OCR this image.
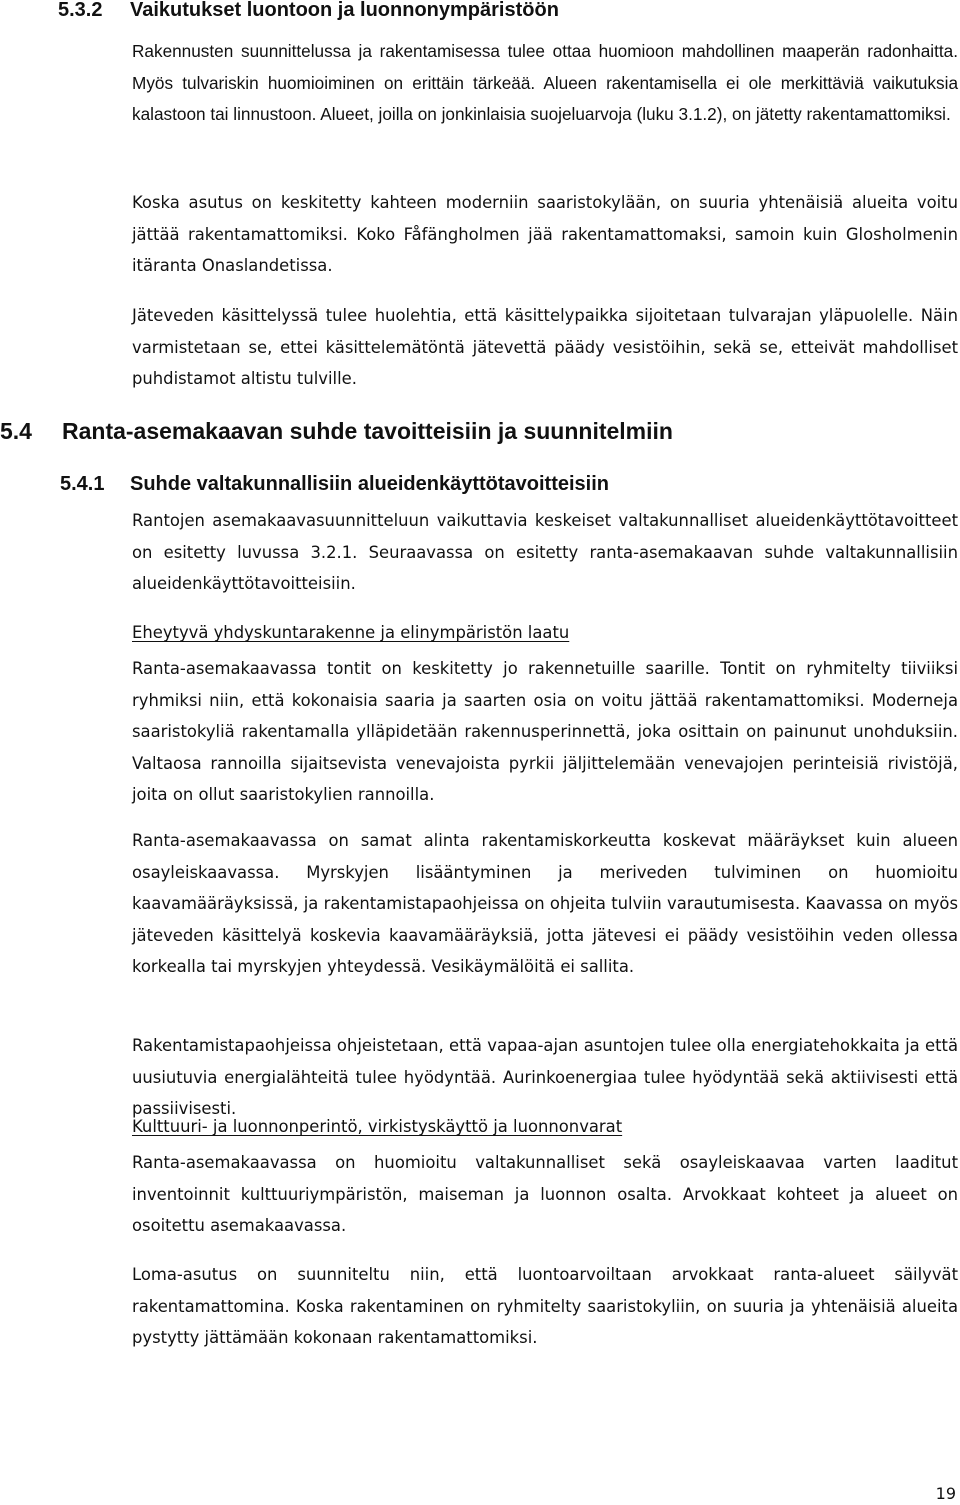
5.3.2 Vaikutukset luontoon ja luonnonympäristöön

Rakennusten suunnittelussa ja rakentamisessa tulee ottaa huomioon mahdollinen maaperän radonhaitta. Myös tulvariskin huomioiminen on erittäin tärkeää. Alueen rakentamisella ei ole merkittäviä vaikutuksia kalastoon tai linnustoon. Alueet, joilla on jonkinlaisia suojeluarvoja (luku 3.1.2), on jätetty rakentamattomiksi.

Koska asutus on keskitetty kahteen moderniin saaristokylään, on suuria yhtenäisiä alueita voitu jättää rakentamattomiksi. Koko Fåfängholmen jää rakentamattomaksi, samoin kuin Glosholmenin itäranta Onaslandetissa.

Jäteveden käsittelyssä tulee huolehtia, että käsittelypaikka sijoitetaan tulvarajan yläpuolelle. Näin varmistetaan se, ettei käsittelemätöntä jätevettä päädy vesistöihin, sekä se, etteivät mahdolliset puhdistamot altistu tulville.

5.4 Ranta-asemakaavan suhde tavoitteisiin ja suunnitelmiin
5.4.1 Suhde valtakunnallisiin alueidenkäyttötavoitteisiin

Rantojen asemakaavasuunnitteluun vaikuttavia keskeiset valtakunnalliset alueidenkäyttötavoitteet on esitetty luvussa 3.2.1. Seuraavassa on esitetty ranta-asemakaavan suhde valtakunnallisiin alueidenkäyttötavoitteisiin.

Eheytyvä yhdyskuntarakenne ja elinympäristön laatu

Ranta-asemakaavassa tontit on keskitetty jo rakennetuille saarille. Tontit on ryhmitelty tiiviiksi ryhmiksi niin, että kokonaisia saaria ja saarten osia on voitu jättää rakentamattomiksi. Moderneja saaristokyliä rakentamalla ylläpidetään rakennusperinnettä, joka osittain on painunut unohduksiin. Valtaosa rannoilla sijaitsevista venevajoista pyrkii jäljittelemään venevajojen perinteisiä rivistöjä, joita on ollut saaristokylien rannoilla.

Ranta-asemakaavassa on samat alinta rakentamiskorkeutta koskevat määräykset kuin alueen osayleiskaavassa. Myrskyjen lisääntyminen ja meriveden tulviminen on huomioitu kaavamääräyksissä, ja rakentamistapaohjeissa on ohjeita tulviin varautumisesta. Kaavassa on myös jäteveden käsittelyä koskevia kaavamääräyksiä, jotta jätevesi ei päädy vesistöihin veden ollessa korkealla tai myrskyjen yhteydessä. Vesikäymälöitä ei sallita.

Rakentamistapaohjeissa ohjeistetaan, että vapaa-ajan asuntojen tulee olla energiatehokkaita ja että uusiutuvia energialähteitä tulee hyödyntää. Aurinkoenergiaa tulee hyödyntää sekä aktiivisesti että passiivisesti.

Kulttuuri- ja luonnonperintö, virkistyskäyttö ja luonnonvarat

Ranta-asemakaavassa on huomioitu valtakunnalliset sekä osayleiskaavaa varten laaditut inventoinnit kulttuuriympäristön, maiseman ja luonnon osalta. Arvokkaat kohteet ja alueet on osoitettu asemakaavassa.

Loma-asutus on suunniteltu niin, että luontoarvoiltaan arvokkaat ranta-alueet säilyvät rakentamattomina. Koska rakentaminen on ryhmitelty saaristokyliin, on suuria ja yhtenäisiä alueita pystytty jättämään kokonaan rakentamattomiksi.

19
